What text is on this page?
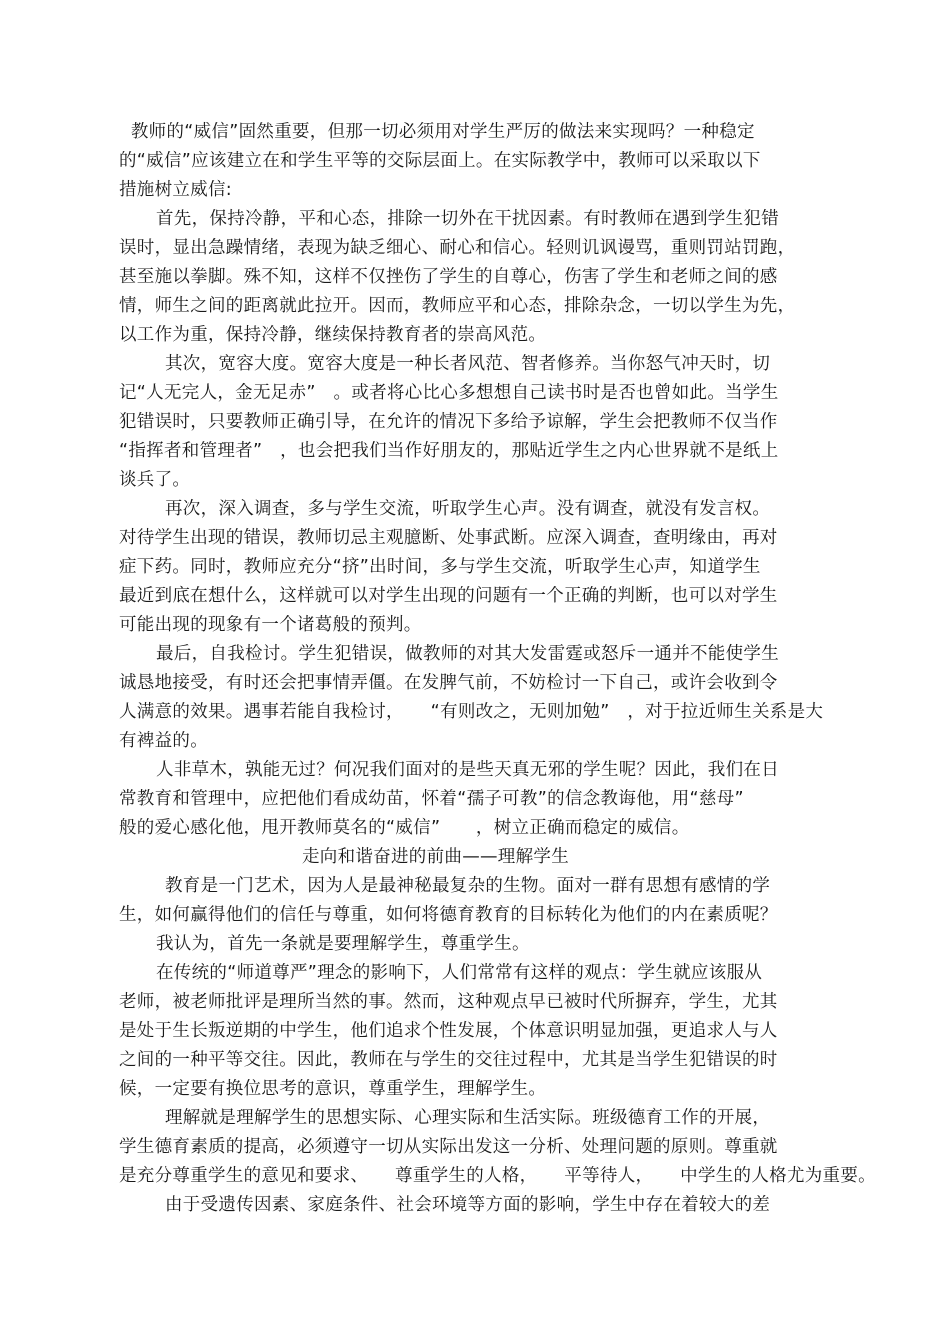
教师的“威信”固然重要，但那一切必须用对学生严厉的做法来实现吗？一种稳定
的“威信”应该建立在和学生平等的交际层面上。在实际教学中，教师可以采取以下
措施树立威信:
首先，保持冷静，平和心态，排除一切外在干扰因素。有时教师在遇到学生犯错
误时，显出急躁情绪，表现为缺乏细心、耐心和信心。轻则讥讽谩骂，重则罚站罚跑，
甚至施以拳脚。殊不知，这样不仅挫伤了学生的自尊心，伤害了学生和老师之间的感
情，师生之间的距离就此拉开。因而，教师应平和心态，排除杂念，一切以学生为先，
以工作为重，保持冷静，继续保持教育者的崇高风范。
其次，宽容大度。宽容大度是一种长者风范、智者修养。当你怒气冲天时，切
记“人无完人，金无足赤”　。或者将心比心多想想自己读书时是否也曾如此。当学生
犯错误时，只要教师正确引导，在允许的情况下多给予谅解，学生会把教师不仅当作
“指挥者和管理者”　，也会把我们当作好朋友的，那贴近学生之内心世界就不是纸上
谈兵了。
再次，深入调查，多与学生交流，听取学生心声。没有调查，就没有发言权。
对待学生出现的错误，教师切忌主观臆断、处事武断。应深入调查，查明缘由，再对
症下药。同时，教师应充分“挤”出时间，多与学生交流，听取学生心声，知道学生
最近到底在想什么，这样就可以对学生出现的问题有一个正确的判断，也可以对学生
可能出现的现象有一个诸葛般的预判。
最后，自我检讨。学生犯错误，做教师的对其大发雷霆或怒斥一通并不能使学生
诚恳地接受，有时还会把事情弄僵。在发脾气前，不妨检讨一下自己，或许会收到令
人满意的效果。遇事若能自我检讨，　　“有则改之，无则加勉”　，对于拉近师生关系是大
有裨益的。
人非草木，孰能无过？何况我们面对的是些天真无邪的学生呢？因此，我们在日
常教育和管理中，应把他们看成幼苗，怀着“孺子可教”的信念教诲他，用“慈母”
般的爱心感化他，甩开教师莫名的“威信”　　，树立正确而稳定的威信。
走向和谐奋进的前曲——理解学生
教育是一门艺术，因为人是最神秘最复杂的生物。面对一群有思想有感情的学
生，如何赢得他们的信任与尊重，如何将德育教育的目标转化为他们的内在素质呢？
我认为，首先一条就是要理解学生，尊重学生。
在传统的“师道尊严”理念的影响下，人们常常有这样的观点：学生就应该服从
老师，被老师批评是理所当然的事。然而，这种观点早已被时代所摒弃，学生，尤其
是处于生长叛逆期的中学生，他们追求个性发展，个体意识明显加强，更追求人与人
之间的一种平等交往。因此，教师在与学生的交往过程中，尤其是当学生犯错误的时
候，一定要有换位思考的意识，尊重学生，理解学生。
理解就是理解学生的思想实际、心理实际和生活实际。班级德育工作的开展，
学生德育素质的提高，必须遵守一切从实际出发这一分析、处理问题的原则。尊重就
是充分尊重学生的意见和要求、　　尊重学生的人格，　　平等待人，　　中学生的人格尤为重要。
由于受遗传因素、家庭条件、社会环境等方面的影响，学生中存在着较大的差
